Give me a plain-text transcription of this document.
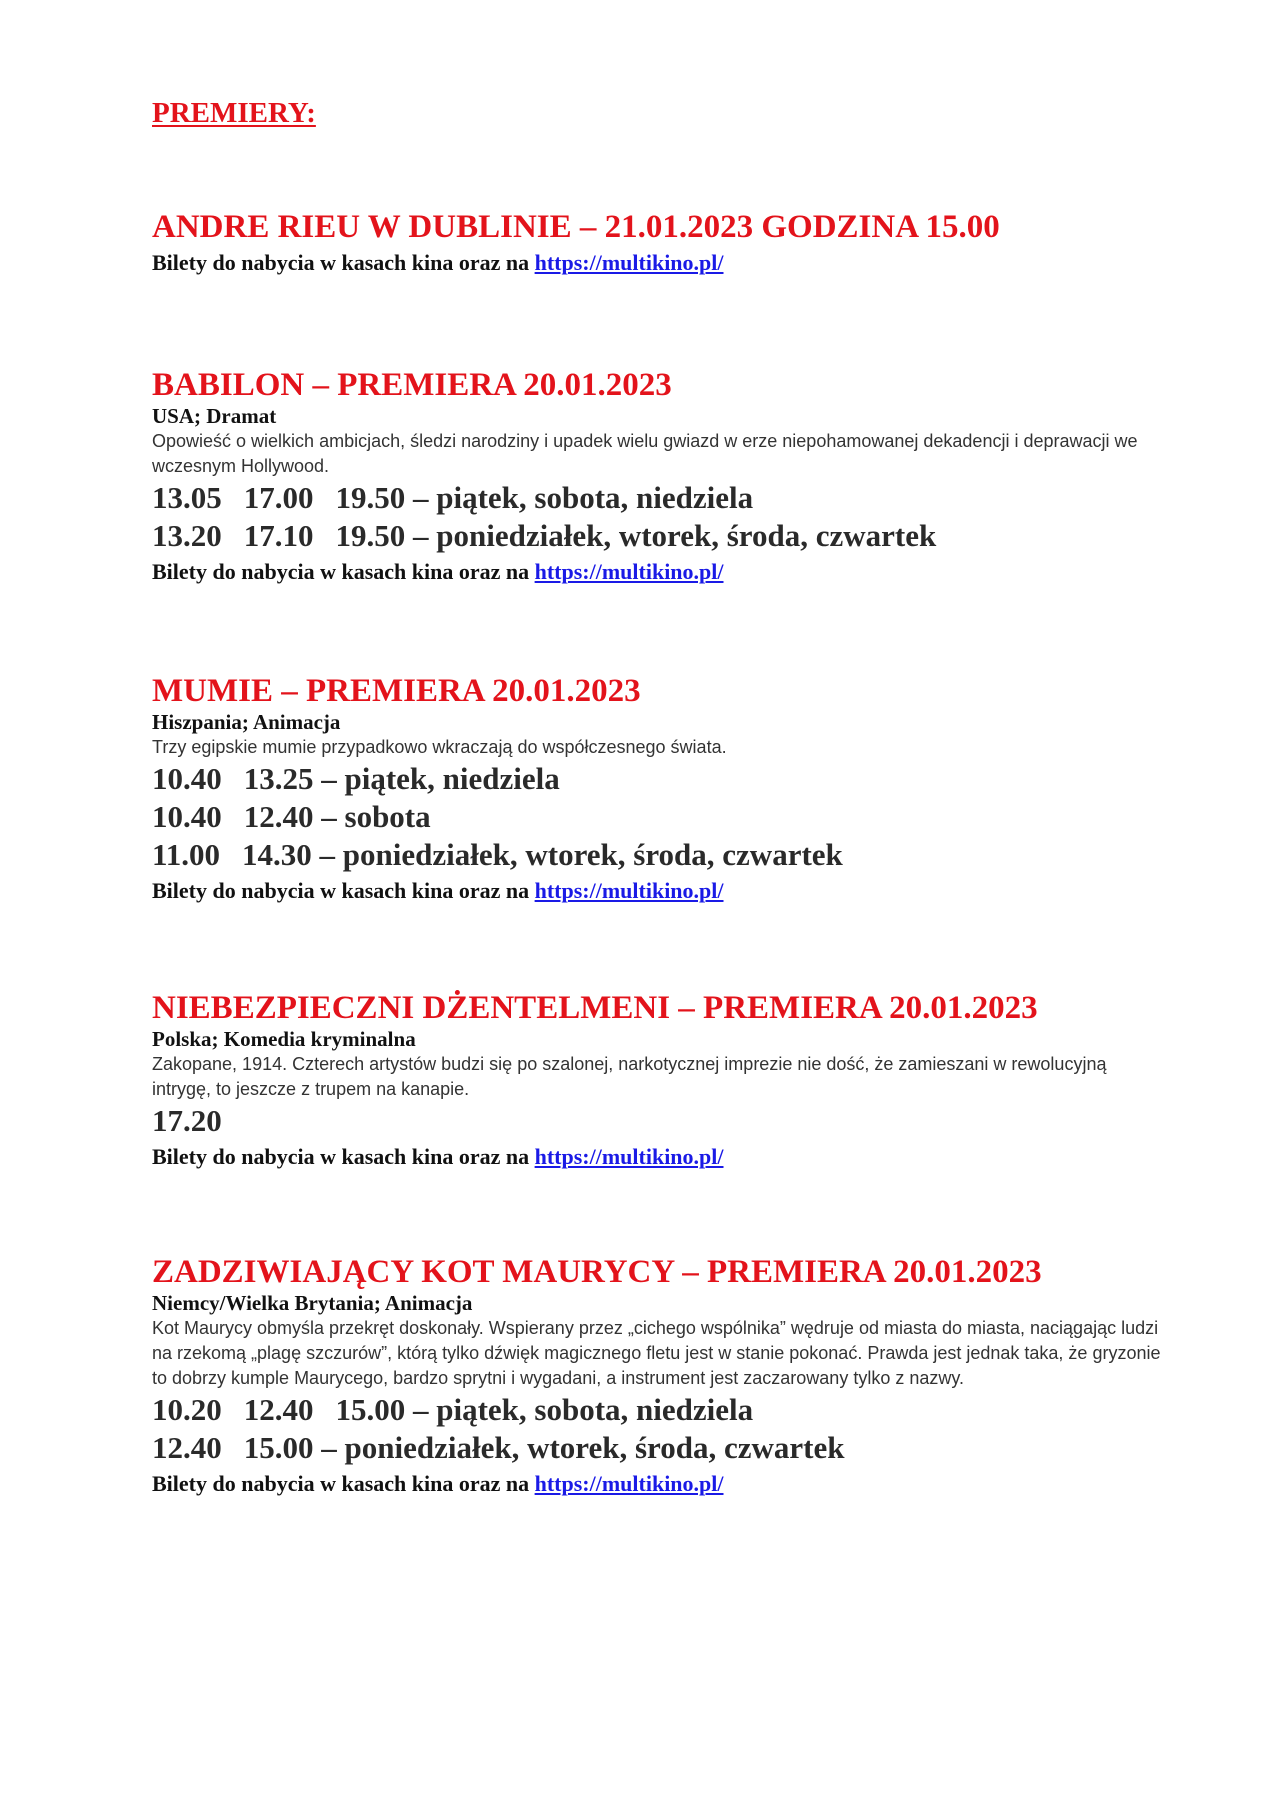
PREMIERY:
ANDRE RIEU W DUBLINIE – 21.01.2023 GODZINA 15.00
Bilety do nabycia w kasach kina oraz na https://multikino.pl/
BABILON – PREMIERA 20.01.2023
USA; Dramat
Opowieść o wielkich ambicjach, śledzi narodziny i upadek wielu gwiazd w erze niepohamowanej dekadencji i deprawacji we wczesnym Hollywood.
13.05 17.00 19.50 – piątek, sobota, niedziela
13.20 17.10 19.50 – poniedziałek, wtorek, środa, czwartek
Bilety do nabycia w kasach kina oraz na https://multikino.pl/
MUMIE – PREMIERA 20.01.2023
Hiszpania; Animacja
Trzy egipskie mumie przypadkowo wkraczają do współczesnego świata.
10.40 13.25 – piątek, niedziela
10.40 12.40 – sobota
11.00 14.30 – poniedziałek, wtorek, środa, czwartek
Bilety do nabycia w kasach kina oraz na https://multikino.pl/
NIEBEZPIECZNI DŻENTELMENI – PREMIERA 20.01.2023
Polska; Komedia kryminalna
Zakopane, 1914. Czterech artystów budzi się po szalonej, narkotycznej imprezie nie dość, że zamieszani w rewolucyjną intrygę, to jeszcze z trupem na kanapie.
17.20
Bilety do nabycia w kasach kina oraz na https://multikino.pl/
ZADZIWIAJĄCY KOT MAURYCY – PREMIERA 20.01.2023
Niemcy/Wielka Brytania; Animacja
Kot Maurycy obmyśla przekręt doskonały. Wspierany przez „cichego wspólnika” wędruje od miasta do miasta, naciągając ludzi na rzekomą „plagę szczurów”, którą tylko dźwięk magicznego fletu jest w stanie pokonać. Prawda jest jednak taka, że gryzonie to dobrzy kumple Maurycego, bardzo sprytni i wygadani, a instrument jest zaczarowany tylko z nazwy.
10.20 12.40 15.00 – piątek, sobota, niedziela
12.40 15.00 – poniedziałek, wtorek, środa, czwartek
Bilety do nabycia w kasach kina oraz na https://multikino.pl/
